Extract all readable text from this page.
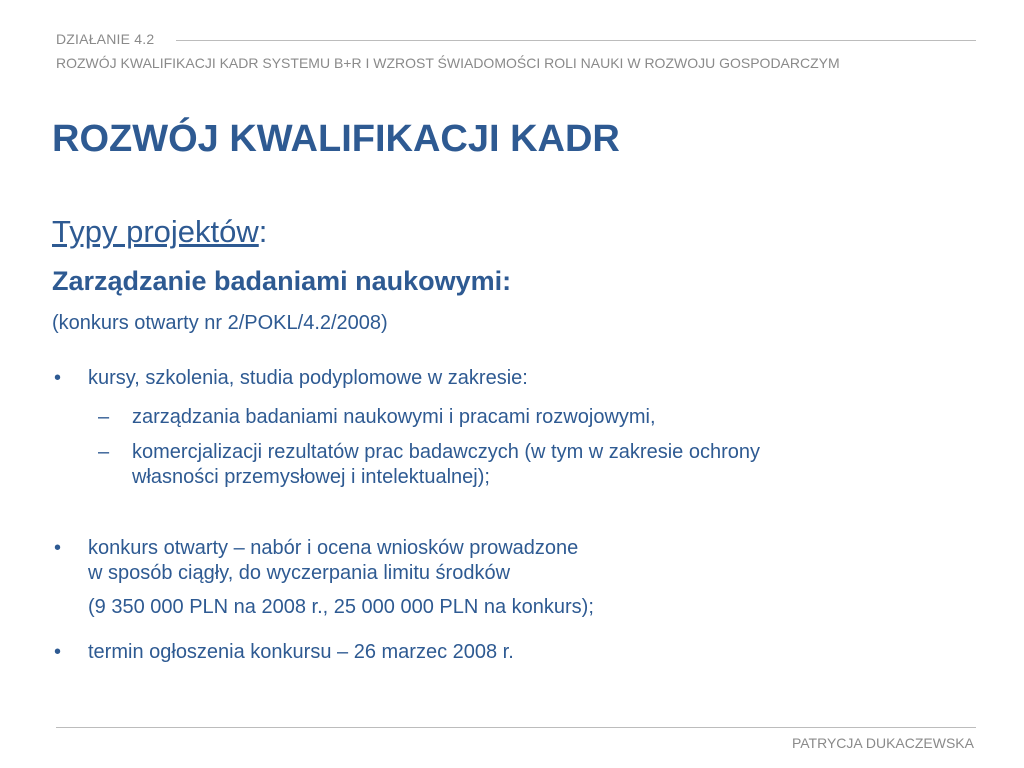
DZIAŁANIE 4.2
ROZWÓJ KWALIFIKACJI KADR SYSTEMU B+R I WZROST ŚWIADOMOŚCI ROLI NAUKI W ROZWOJU GOSPODARCZYM
ROZWÓJ KWALIFIKACJI KADR
Typy projektów:
Zarządzanie badaniami naukowymi:
(konkurs otwarty nr 2/POKL/4.2/2008)
• kursy, szkolenia, studia podyplomowe w zakresie:
– zarządzania badaniami naukowymi i pracami rozwojowymi,
– komercjalizacji rezultatów prac badawczych (w tym w zakresie ochrony
własności przemysłowej i intelektualnej);
• konkurs otwarty – nabór i ocena wniosków prowadzone
w sposób ciągły, do wyczerpania limitu środków
(9 350 000 PLN na 2008 r., 25 000 000 PLN na konkurs);
• termin ogłoszenia konkursu – 26 marzec 2008 r.
PATRYCJA DUKACZEWSKA
